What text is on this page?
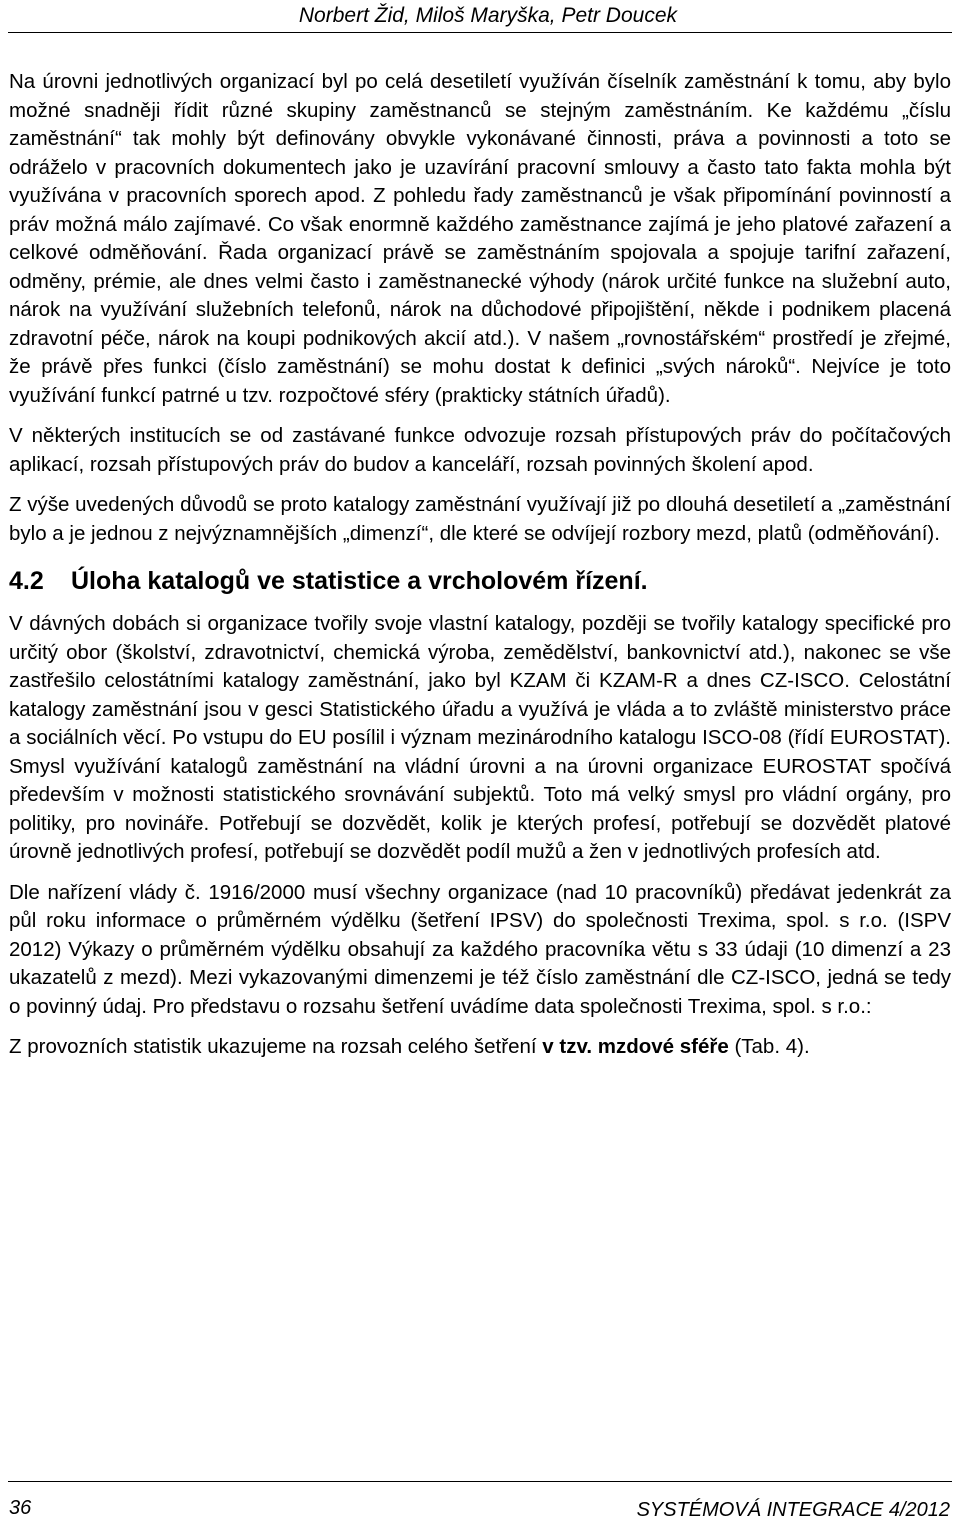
Norbert Žid, Miloš Maryška, Petr Doucek

Na úrovni jednotlivých organizací byl po celá desetiletí využíván číselník zaměstnání k tomu, aby bylo možné snadněji řídit různé skupiny zaměstnanců se stejným zaměstnáním. Ke každému „číslu zaměstnání“ tak mohly být definovány obvykle vykonávané činnosti, práva a povinnosti a toto se odráželo v pracovních dokumentech jako je uzavírání pracovní smlouvy a často tato fakta mohla být využívána v pracovních sporech apod. Z pohledu řady zaměstnanců je však připomínání povinností a práv možná málo zajímavé. Co však enormně každého zaměstnance zajímá je jeho platové zařazení a celkové odměňování. Řada organizací právě se zaměstnáním spojovala a spojuje tarifní zařazení, odměny, prémie, ale dnes velmi často i zaměstnanecké výhody (nárok určité funkce na služební auto, nárok na využívání služebních telefonů, nárok na důchodové připojištění, někde i podnikem placená zdravotní péče, nárok na koupi podnikových akcií atd.). V našem „rovnostářském“ prostředí je zřejmé, že právě přes funkci (číslo zaměstnání) se mohu dostat k definici „svých nároků“. Nejvíce je toto využívání funkcí patrné u tzv. rozpočtové sféry (prakticky státních úřadů).

V některých institucích se od zastávané funkce odvozuje rozsah přístupových práv do počítačových aplikací, rozsah přístupových práv do budov a kanceláří, rozsah povinných školení apod.

Z výše uvedených důvodů se proto katalogy zaměstnání využívají již po dlouhá desetiletí a „zaměstnání bylo a je jednou z nejvýznamnějších „dimenzí“, dle které se odvíjejí rozbory mezd, platů (odměňování).

4.2 Úloha katalogů ve statistice a vrcholovém řízení.

V dávných dobách si organizace tvořily svoje vlastní katalogy, později se tvořily katalogy specifické pro určitý obor (školství, zdravotnictví, chemická výroba, zemědělství, bankovnictví atd.), nakonec se vše zastřešilo celostátními katalogy zaměstnání, jako byl KZAM či KZAM-R a dnes CZ-ISCO. Celostátní katalogy zaměstnání jsou v gesci Statistického úřadu a využívá je vláda a to zvláště ministerstvo práce a sociálních věcí. Po vstupu do EU posílil i význam mezinárodního katalogu ISCO-08 (řídí EUROSTAT). Smysl využívání katalogů zaměstnání na vládní úrovni a na úrovni organizace EUROSTAT spočívá především v možnosti statistického srovnávání subjektů. Toto má velký smysl pro vládní orgány, pro politiky, pro novináře. Potřebují se dozvědět, kolik je kterých profesí, potřebují se dozvědět platové úrovně jednotlivých profesí, potřebují se dozvědět podíl mužů a žen v jednotlivých profesích atd.

Dle nařízení vlády č. 1916/2000 musí všechny organizace (nad 10 pracovníků) předávat jedenkrát za půl roku informace o průměrném výdělku (šetření IPSV) do společnosti Trexima, spol. s r.o. (ISPV 2012) Výkazy o průměrném výdělku obsahují za každého pracovníka větu s 33 údaji (10 dimenzí a 23 ukazatelů z mezd). Mezi vykazovanými dimenzemi je též číslo zaměstnání dle CZ-ISCO, jedná se tedy o povinný údaj. Pro představu o rozsahu šetření uvádíme data společnosti Trexima, spol. s r.o.:

Z provozních statistik ukazujeme na rozsah celého šetření v tzv. mzdové sféře (Tab. 4).

36	SYSTÉMOVÁ INTEGRACE 4/2012
